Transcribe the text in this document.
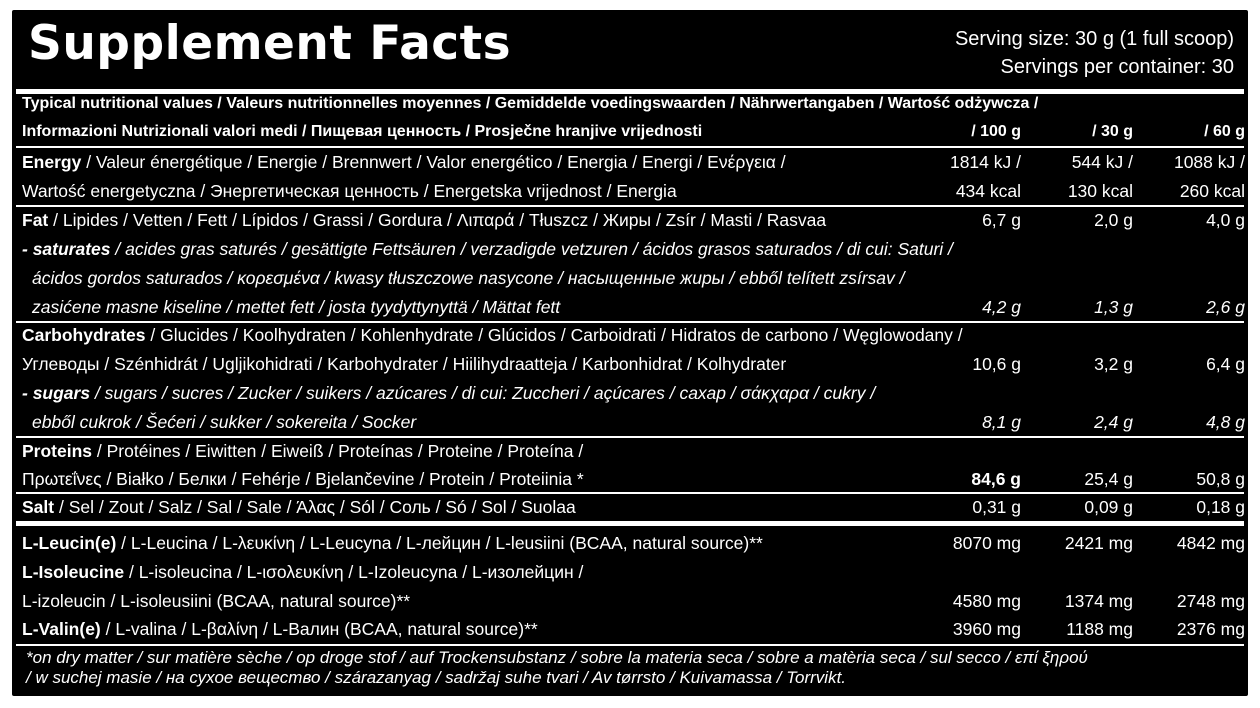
Supplement Facts	Serving size: 30 g (1 full scoop)
Servings per container: 30
Typical nutritional values / Valeurs nutritionnelles moyennes / Gemiddelde voedingswaarden / Nährwertangaben / Wartość odżywcza /
Informazioni Nutrizionali valori medi / Пищевая ценность / Prosječne hranjive vrijednosti	/ 100 g	/ 30 g	/ 60 g
Energy / Valeur énergétique / Energie / Brennwert / Valor energético / Energia / Energi / Ενέργεια /
Wartość energetyczna / Энергетическая ценность / Energetska vrijednost / Energia
1814 kJ /	544 kJ / 1088 kJ /
434 kcal	130 kcal	260 kcal
Fat / Lipides / Vetten / Fett / Lípidos / Grassi / Gordura / Λιπαρά / Tłuszcz / Жиры / Zsír / Masti / Rasvaa	6,7 g	2,0 g	4,0 g
- saturates / acides gras saturés / gesättigte Fettsäuren / verzadigde vetzuren / ácidos grasos saturados / di cui: Saturi /
ácidos gordos saturados / κορεσμένα / kwasy tłuszczowe nasycone / насыщенные жиры / ebből telített zsírsav /
zasićene masne kiseline / mettet fett / josta tyydyttynyttä / Mättat fett	4,2 g	1,3 g	2,6 g
Carbohydrates / Glucides / Koolhydraten / Kohlenhydrate / Glúcidos / Carboidrati / Hidratos de carbono / Węglowodany /
Углеводы / Szénhidrát / Ugljikohidrati / Karbohydrater / Hiilihydraatteja / Karbonhidrat / Kolhydrater	10,6 g	3,2 g	6,4 g
- sugars / sugars / sucres / Zucker / suikers / azúcares / di cui: Zuccheri / açúcares / сахар / σάκχαρα / cukry /
ebből cukrok / Šećeri / sukker / sokereita / Socker	8,1 g	2,4 g	4,8 g
Proteins / Protéines / Eiwitten / Eiweiß / Proteínas / Proteine / Proteína /
Πρωτεΐνες / Białko / Белки / Fehérje / Bjelančevine / Protein / Proteiinia *	84,6 g	25,4 g	50,8 g
Salt / Sel / Zout / Salz / Sal / Sale / Άλας / Sól / Соль / Só / Sol / Suolaa	0,31 g	0,09 g	0,18 g
L-Leucin(e) / L-Leucina / L-λευκίνη / L-Leucyna / L-лейцин / L-leusiini (BCAA, natural source)**	8070 mg	2421 mg	4842 mg
L-Isoleucine / L-isoleucina / L-ισολευκίνη / L-Izoleucyna / L-изолейцин /
L-izoleucin / L-isoleusiini (BCAA, natural source)**	4580 mg	1374 mg	2748 mg
L-Valin(e) / L-valina / L-βαλίνη / L-Валин (BCAA, natural source)**	3960 mg	1188 mg	2376 mg
*on dry matter / sur matière sèche / op droge stof / auf Trockensubstanz / sobre la materia seca / sobre a matèria seca / sul secco / επί ξηρού
/ w suchej masie / на сухое вещество / szárazanyag / sadržaj suhe tvari / Av tørrsto / Kuivamassa / Torrvikt.
